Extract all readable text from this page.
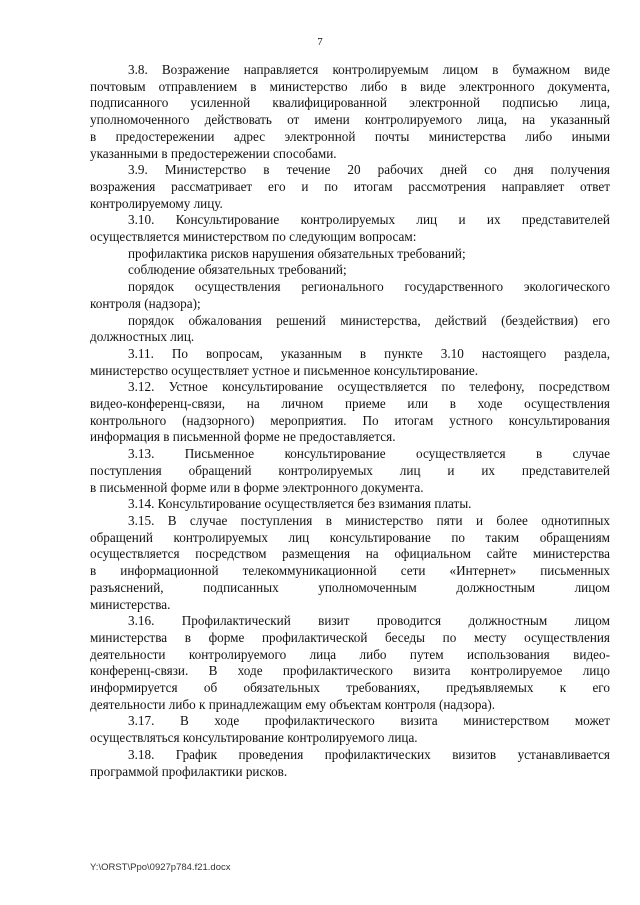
7
3.8. Возражение направляется контролируемым лицом в бумажном виде
почтовым отправлением в министерство либо в виде электронного документа,
подписанного усиленной квалифицированной электронной подписью лица,
уполномоченного действовать от имени контролируемого лица, на указанный
в предостережении адрес электронной почты министерства либо иными
указанными в предостережении способами.
3.9. Министерство в течение 20 рабочих дней со дня получения
возражения рассматривает его и по итогам рассмотрения направляет ответ
контролируемому лицу.
3.10. Консультирование контролируемых лиц и их представителей
осуществляется министерством по следующим вопросам:
профилактика рисков нарушения обязательных требований;
соблюдение обязательных требований;
порядок осуществления регионального государственного экологического
контроля (надзора);
порядок обжалования решений министерства, действий (бездействия) его
должностных лиц.
3.11. По вопросам, указанным в пункте 3.10 настоящего раздела,
министерство осуществляет устное и письменное консультирование.
3.12. Устное консультирование осуществляется по телефону, посредством
видео-конференц-связи, на личном приеме или в ходе осуществления
контрольного (надзорного) мероприятия. По итогам устного консультирования
информация в письменной форме не предоставляется.
3.13. Письменное консультирование осуществляется в случае
поступления обращений контролируемых лиц и их представителей
в письменной форме или в форме электронного документа.
3.14. Консультирование осуществляется без взимания платы.
3.15. В случае поступления в министерство пяти и более однотипных
обращений контролируемых лиц консультирование по таким обращениям
осуществляется посредством размещения на официальном сайте министерства
в информационной телекоммуникационной сети «Интернет» письменных
разъяснений, подписанных уполномоченным должностным лицом
министерства.
3.16. Профилактический визит проводится должностным лицом
министерства в форме профилактической беседы по месту осуществления
деятельности контролируемого лица либо путем использования видео-
конференц-связи. В ходе профилактического визита контролируемое лицо
информируется об обязательных требованиях, предъявляемых к его
деятельности либо к принадлежащим ему объектам контроля (надзора).
3.17. В ходе профилактического визита министерством может
осуществляться консультирование контролируемого лица.
3.18. График проведения профилактических визитов устанавливается
программой профилактики рисков.
Y:\ORST\Ppo\0927p784.f21.docx
